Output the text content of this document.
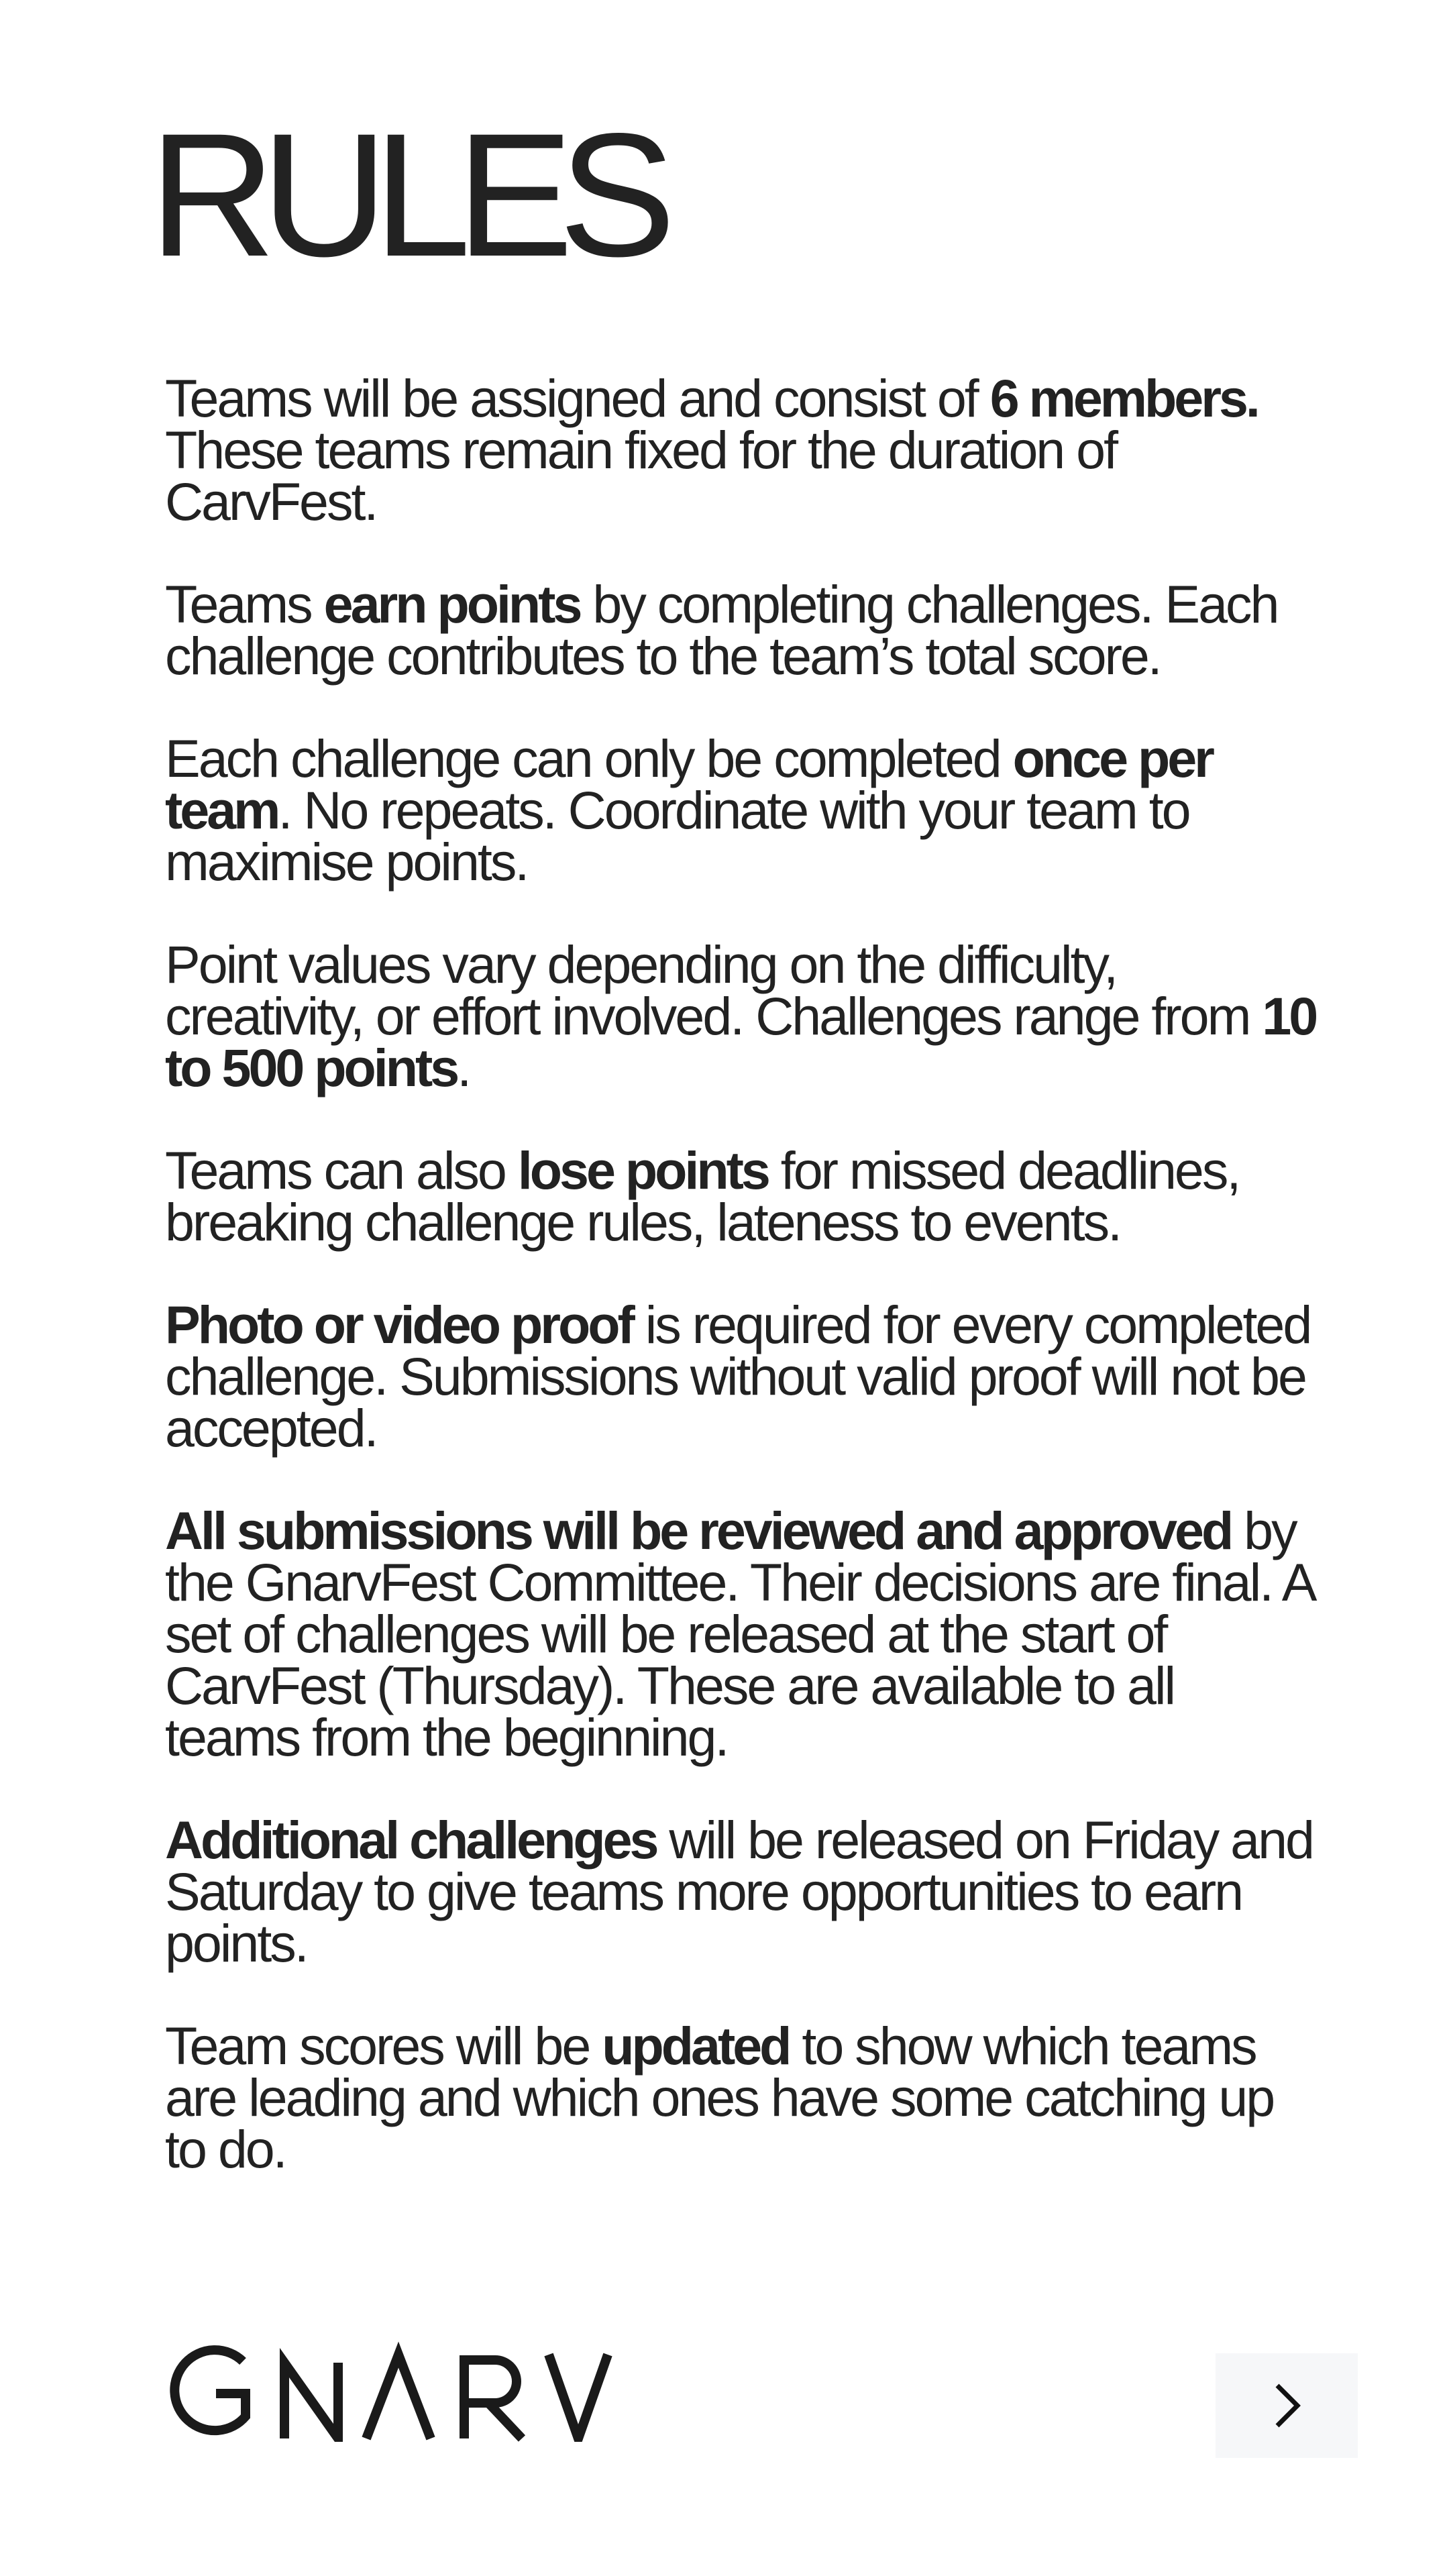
RULES

Teams will be assigned and consist of 6 members. These teams remain fixed for the duration of CarvFest.

Teams earn points by completing challenges. Each challenge contributes to the team’s total score.

Each challenge can only be completed once per team. No repeats. Coordinate with your team to maximise points.

Point values vary depending on the difficulty, creativity, or effort involved. Challenges range from 10 to 500 points.

Teams can also lose points for missed deadlines, breaking challenge rules, lateness to events.

Photo or video proof is required for every completed challenge. Submissions without valid proof will not be accepted.

All submissions will be reviewed and approved by the GnarvFest Committee. Their decisions are final. A set of challenges will be released at the start of CarvFest (Thursday). These are available to all teams from the beginning.

Additional challenges will be released on Friday and Saturday to give teams more opportunities to earn points.

Team scores will be updated to show which teams are leading and which ones have some catching up to do.
